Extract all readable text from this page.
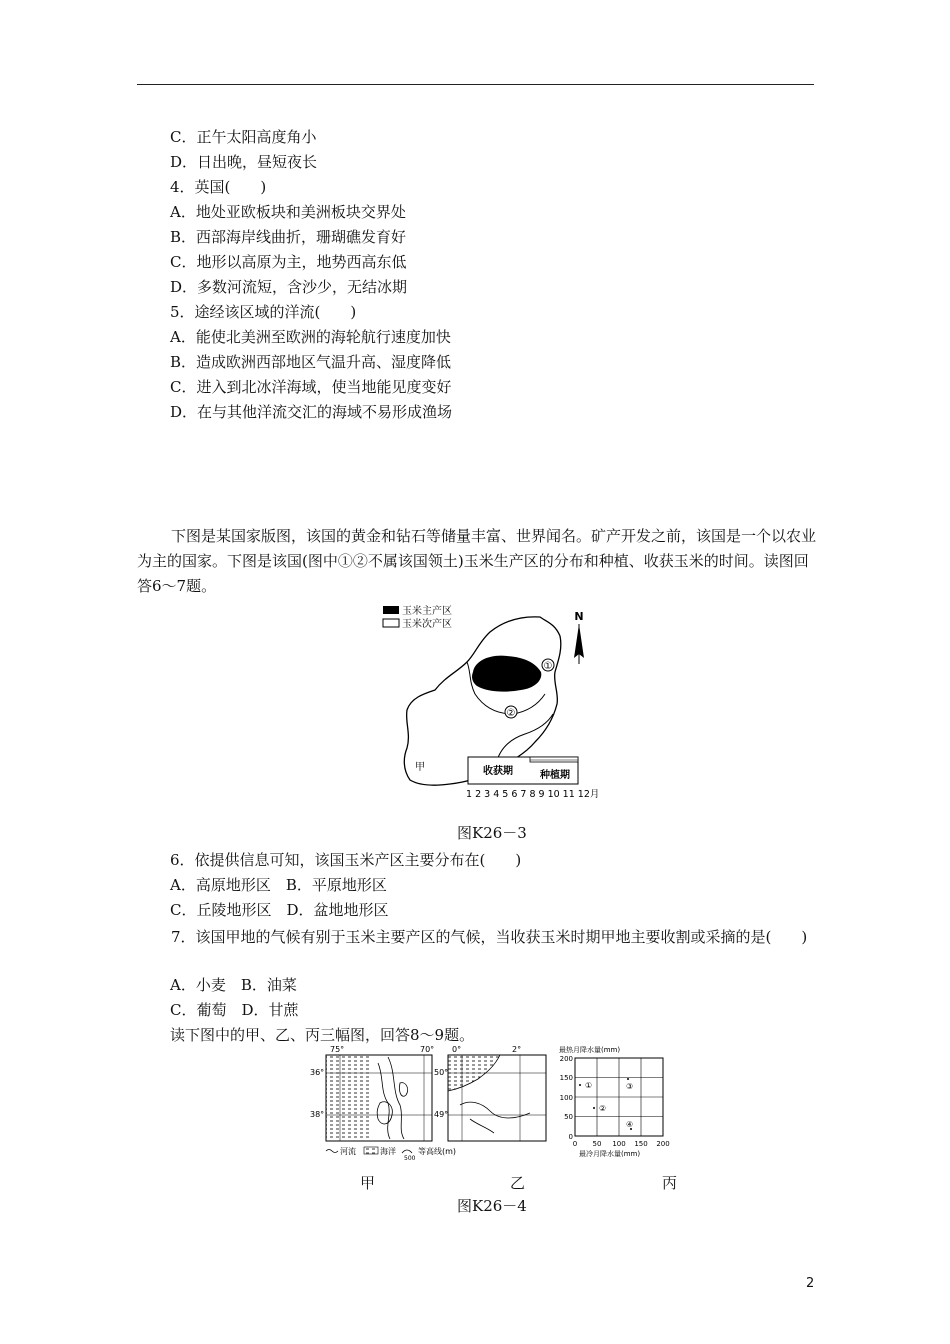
C．正午太阳高度角小
D．日出晚，昼短夜长
4．英国(　　)
A．地处亚欧板块和美洲板块交界处
B．西部海岸线曲折，珊瑚礁发育好
C．地形以高原为主，地势西高东低
D．多数河流短，含沙少，无结冰期
5．途经该区域的洋流(　　)
A．能使北美洲至欧洲的海轮航行速度加快
B．造成欧洲西部地区气温升高、湿度降低
C．进入到北冰洋海域，使当地能见度变好
D．在与其他洋流交汇的海域不易形成渔场
下图是某国家版图，该国的黄金和钻石等储量丰富、世界闻名。矿产开发之前，该国是一个以农业为主的国家。下图是该国(图中①②不属该国领土)玉米生产区的分布和种植、收获玉米的时间。读图回答6～7题。
玉米主产区
玉米次产区
①
②
N
甲	收获期	种植期
1 2 3 4 5 6 7 8 9 10 11 12月
图K26－3
6．依提供信息可知，该国玉米产区主要分布在(　　)
A．高原地形区　B．平原地形区
C．丘陵地形区　D．盆地地形区
7．该国甲地的气候有别于玉米主要产区的气候，当收获玉米时期甲地主要收割或采摘的是(　　)
A．小麦　B．油菜
C．葡萄　D．甘蔗
读下图中的甲、乙、丙三幅图，回答8～9题。
75°	70°
36°
38°
河流	海洋
500
等高线(m)
0°	2°
50°
49°
最热月降水量(mm)
200
150
100
50
0
0 50 100 150 200
最冷月降水量(mm)
①
②
③
④
甲	乙	丙
图K26－4
2
